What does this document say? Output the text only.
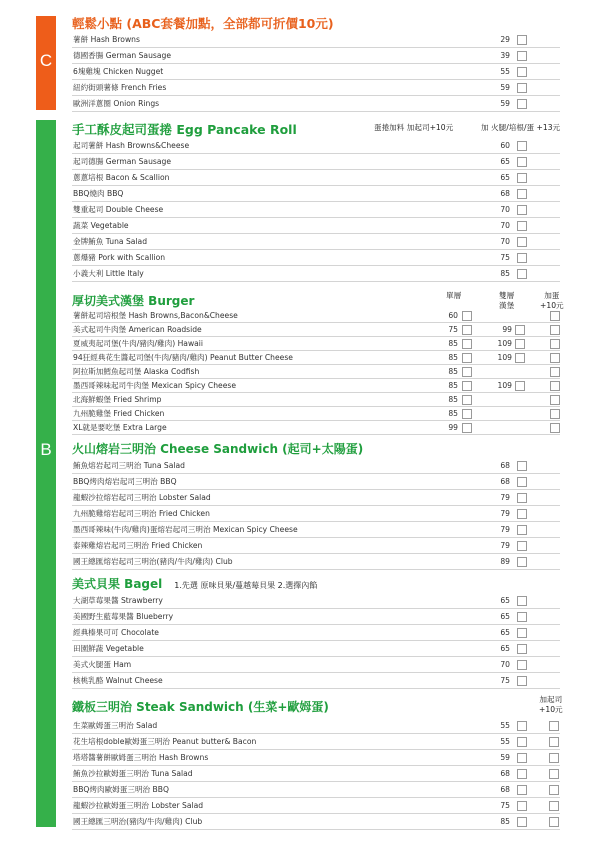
C
B
輕鬆小點 (ABC套餐加點，全部都可折價10元)
薯餅 Hash Browns	29
德國香腸 German Sausage	39
6塊雞塊 Chicken Nugget	55
紐約街頭薯條 French Fries	59
歐洲洋蔥圈 Onion Rings	59
手工酥皮起司蛋捲 Egg Pancake Roll	蛋捲加料 加起司+10元	加 火腿/培根/蛋 +13元
起司薯餅 Hash Browns&Cheese	60
起司德腸 German Sausage	65
蔥蔥培根 Bacon & Scallion	65
BBQ燒肉 BBQ	68
雙重起司 Double Cheese	70
蔬菜 Vegetable	70
金牌鮪魚 Tuna Salad	70
蔥爆豬 Pork with Scallion	75
小義大利 Little Italy	85
厚切美式漢堡 Burger	單層	雙層
漢堡
加蛋
+10元
薯餅起司培根堡 Hash Browns,Bacon&Cheese	60
美式起司牛肉堡 American Roadside	75	99
夏威夷起司堡(牛肉/豬肉/雞肉) Hawaii	85	109
94狂經典花生醬起司堡(牛肉/豬肉/雞肉) Peanut Butter Cheese	85	109
阿拉斯加鱈魚起司堡 Alaska Codfish	85
墨西哥辣味起司牛肉堡 Mexican Spicy Cheese	85	109
北海鮮蝦堡 Fried Shrimp	85
九州脆雞堡 Fried Chicken	85
XL就是要吃堡 Extra Large	99
火山熔岩三明治 Cheese Sandwich (起司+太陽蛋)
鮪魚熔岩起司三明治 Tuna Salad	68
BBQ烤肉熔岩起司三明治 BBQ	68
龍蝦沙拉熔岩起司三明治 Lobster Salad	79
九州脆雞熔岩起司三明治 Fried Chicken	79
墨西哥辣味(牛肉/雞肉)蛋熔岩起司三明治 Mexican Spicy Cheese	79
泰辣雞熔岩起司三明治 Fried Chicken	79
國王總匯熔岩起司三明治(豬肉/牛肉/雞肉) Club	89
美式貝果 Bagel 1.先選 原味貝果/蔓越莓貝果 2.選擇內餡
大湖草莓果醬 Strawberry	65
美國野生藍莓果醬 Blueberry	65
經典榛果可可 Chocolate	65
田園鮮蔬 Vegetable	65
美式火腿蛋 Ham	70
核桃乳酪 Walnut Cheese	75
鐵板三明治 Steak Sandwich (生菜+歐姆蛋)
加起司
+10元
生菜歐姆蛋三明治 Salad	55
花生培根doble歐姆蛋三明治 Peanut butter& Bacon	55
塔塔醬薯餅歐姆蛋三明治 Hash Browns	59
鮪魚沙拉歐姆蛋三明治 Tuna Salad	68
BBQ烤肉歐姆蛋三明治 BBQ	68
龍蝦沙拉歐姆蛋三明治 Lobster Salad	75
國王總匯三明治(豬肉/牛肉/雞肉) Club	85
